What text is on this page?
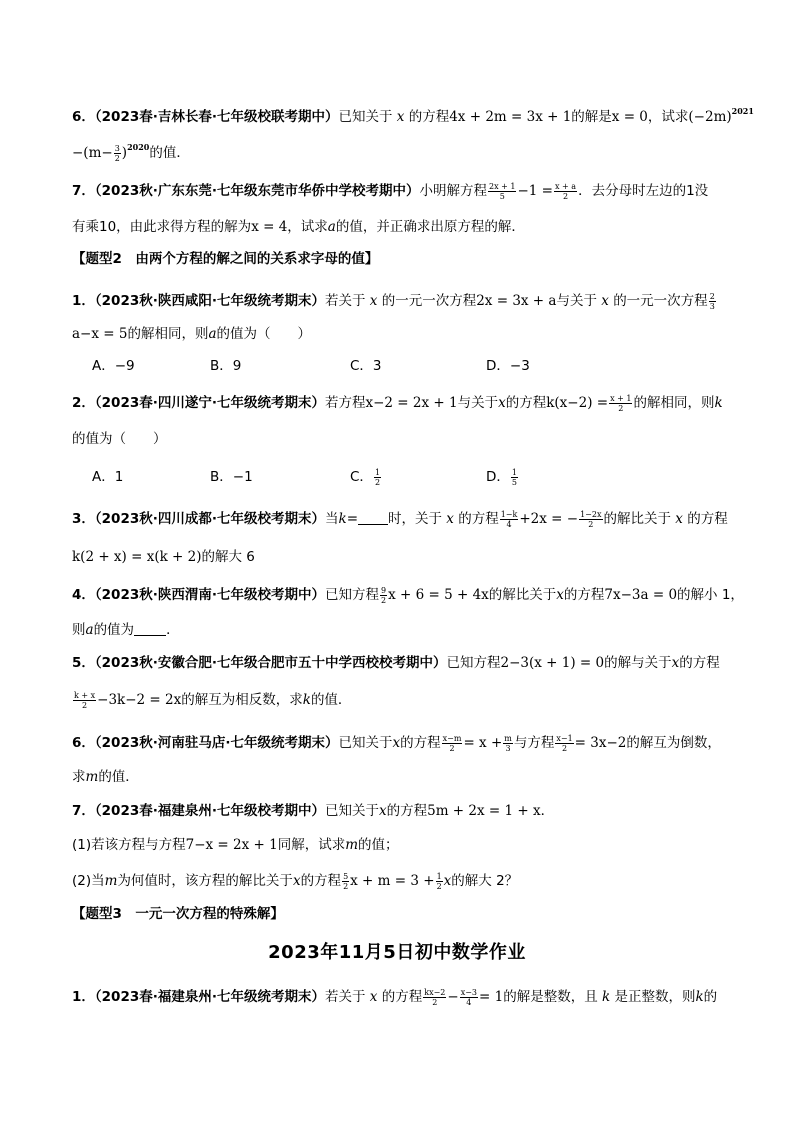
6．（2023春·吉林长春·七年级校联考期中）已知关于 x 的方程4x + 2m = 3x + 1的解是x = 0，试求$(-2m)^{2021}$
$-(m- \frac{3}{2} )^{2020}$的值．
7．（2023秋·广东东莞·七年级东莞市华侨中学校考期中）小明解方程 $\frac{2x + 1}{5} -1 = \frac{x + a}{2}$ ．去分母时左边的1没
有乘10，由此求得方程的解为x = 4，试求a的值，并正确求出原方程的解．
【题型2　由两个方程的解之间的关系求字母的值】
1．（2023秋·陕西咸阳·七年级统考期末）若关于 x 的一元一次方程2x = 3x + a与关于 x 的一元一次方程 $\frac{2}{3}$
a−x = 5的解相同，则a的值为（　　）
A．−9	B．9	C．3	D．−3
2．（2023春·四川遂宁·七年级统考期末）若方程x−2 = 2x + 1与关于x的方程$k(x-2) = \frac{x + 1}{2}$ 的解相同，则k
的值为（　　）
A．1	B．−1	C． $\frac{1}{2}$	D． $\frac{1}{5}$
3．（2023秋·四川成都·七年级校考期末）当k= 时，关于 x 的方程 $\frac{1-k}{4} +2x$ = − $\frac{1-2x}{2}$ 的解比关于 x 的方程
k(2 + x) = x(k + 2)的解大 6
4．（2023秋·陕西渭南·七年级校考期中）已知方程 $\frac{9}{2}$ x + 6 = 5 + 4x的解比关于x的方程7x−3a = 0的解小 1，
则a的值为 ．
5．（2023秋·安徽合肥·七年级合肥市五十中学西校校考期中）已知方程2−3(x + 1) = 0的解与关于x的方程
$\frac{k + x}{2} -3k-2 = 2x$的解互为相反数，求k的值．
6．（2023秋·河南驻马店·七年级统考期末）已知关于x的方程 $\frac{x-m}{2} = x + \frac{m}{3}$ 与方程 $\frac{x-1}{2} = 3x-2$的解互为倒数，
求m的值．
7．（2023春·福建泉州·七年级校考期中）已知关于x的方程5m + 2x = 1 + x．
(1)若该方程与方程7−x = 2x + 1同解，试求m的值；
(2)当m为何值时，该方程的解比关于x的方程 $\frac{5}{2}$ $x + m = 3 + \frac{1}{2}$ x的解大 2？
【题型3　一元一次方程的特殊解】
2023年11月5日初中数学作业
1．（2023春·福建泉州·七年级统考期末）若关于 x 的方程 $\frac{kx-2}{2} - \frac{x-3}{4} = 1$的解是整数，且 k 是正整数，则k的
